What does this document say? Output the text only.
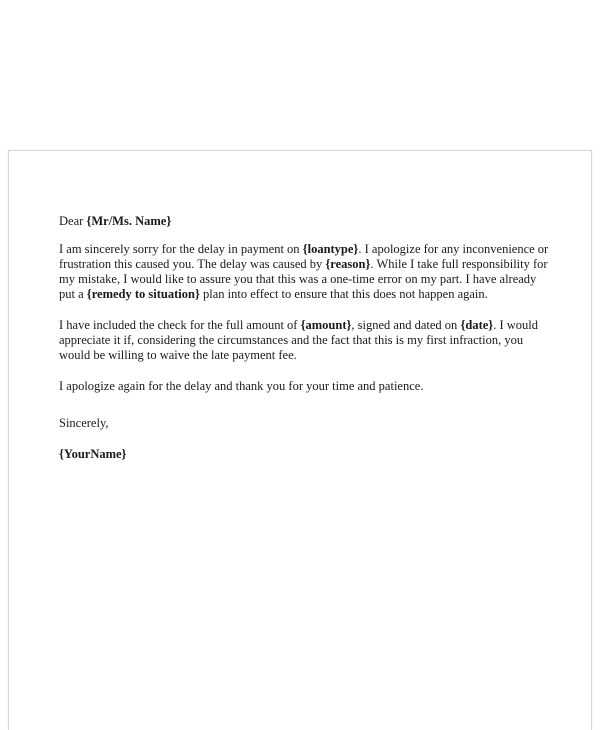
Dear {Mr/Ms. Name}

I am sincerely sorry for the delay in payment on {loantype}. I apologize for any inconvenience or frustration this caused you. The delay was caused by {reason}. While I take full responsibility for my mistake, I would like to assure you that this was a one-time error on my part. I have already put a {remedy to situation} plan into effect to ensure that this does not happen again.

I have included the check for the full amount of {amount}, signed and dated on {date}. I would appreciate it if, considering the circumstances and the fact that this is my first infraction, you would be willing to waive the late payment fee.

I apologize again for the delay and thank you for your time and patience.

Sincerely,

{YourName}
